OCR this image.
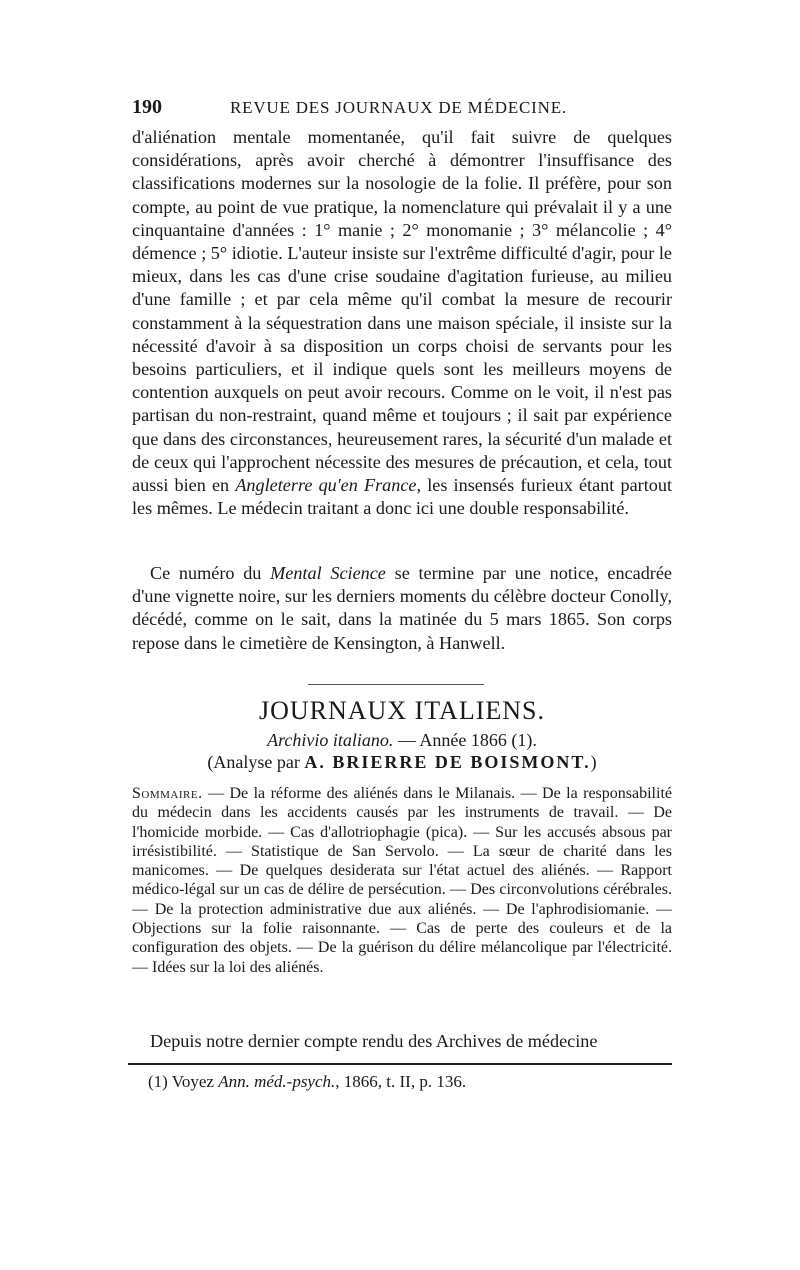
190	REVUE DES JOURNAUX DE MÉDECINE.

d'aliénation mentale momentanée, qu'il fait suivre de quelques considérations, après avoir cherché à démontrer l'insuffisance des classifications modernes sur la nosologie de la folie. Il préfère, pour son compte, au point de vue pratique, la nomenclature qui prévalait il y a une cinquantaine d'années : 1° manie ; 2° monomanie ; 3° mélancolie ; 4° démence ; 5° idiotie. L'auteur insiste sur l'extrême difficulté d'agir, pour le mieux, dans les cas d'une crise soudaine d'agitation furieuse, au milieu d'une famille ; et par cela même qu'il combat la mesure de recourir constamment à la séquestration dans une maison spéciale, il insiste sur la nécessité d'avoir à sa disposition un corps choisi de servants pour les besoins particuliers, et il indique quels sont les meilleurs moyens de contention auxquels on peut avoir recours. Comme on le voit, il n'est pas partisan du non-restraint, quand même et toujours ; il sait par expérience que dans des circonstances, heureusement rares, la sécurité d'un malade et de ceux qui l'approchent nécessite des mesures de précaution, et cela, tout aussi bien en Angleterre qu'en France, les insensés furieux étant partout les mêmes. Le médecin traitant a donc ici une double responsabilité.

Ce numéro du Mental Science se termine par une notice, encadrée d'une vignette noire, sur les derniers moments du célèbre docteur Conolly, décédé, comme on le sait, dans la matinée du 5 mars 1865. Son corps repose dans le cimetière de Kensington, à Hanwell.

JOURNAUX ITALIENS.
Archivio italiano. — Année 1866 (1).
(Analyse par A. BRIERRE DE BOISMONT.)
Sommaire. — De la réforme des aliénés dans le Milanais. — De la responsabilité du médecin dans les accidents causés par les instruments de travail. — De l'homicide morbide. — Cas d'allotriophagie (pica). — Sur les accusés absous par irrésistibilité. — Statistique de San Servolo. — La sœur de charité dans les manicomes. — De quelques desiderata sur l'état actuel des aliénés. — Rapport médico-légal sur un cas de délire de persécution. — Des circonvolutions cérébrales. — De la protection administrative due aux aliénés. — De l'aphrodisiomanie. — Objections sur la folie raisonnante. — Cas de perte des couleurs et de la configuration des objets. — De la guérison du délire mélancolique par l'électricité. — Idées sur la loi des aliénés.

Depuis notre dernier compte rendu des Archives de médecine

(1) Voyez Ann. méd.-psych., 1866, t. II, p. 136.
